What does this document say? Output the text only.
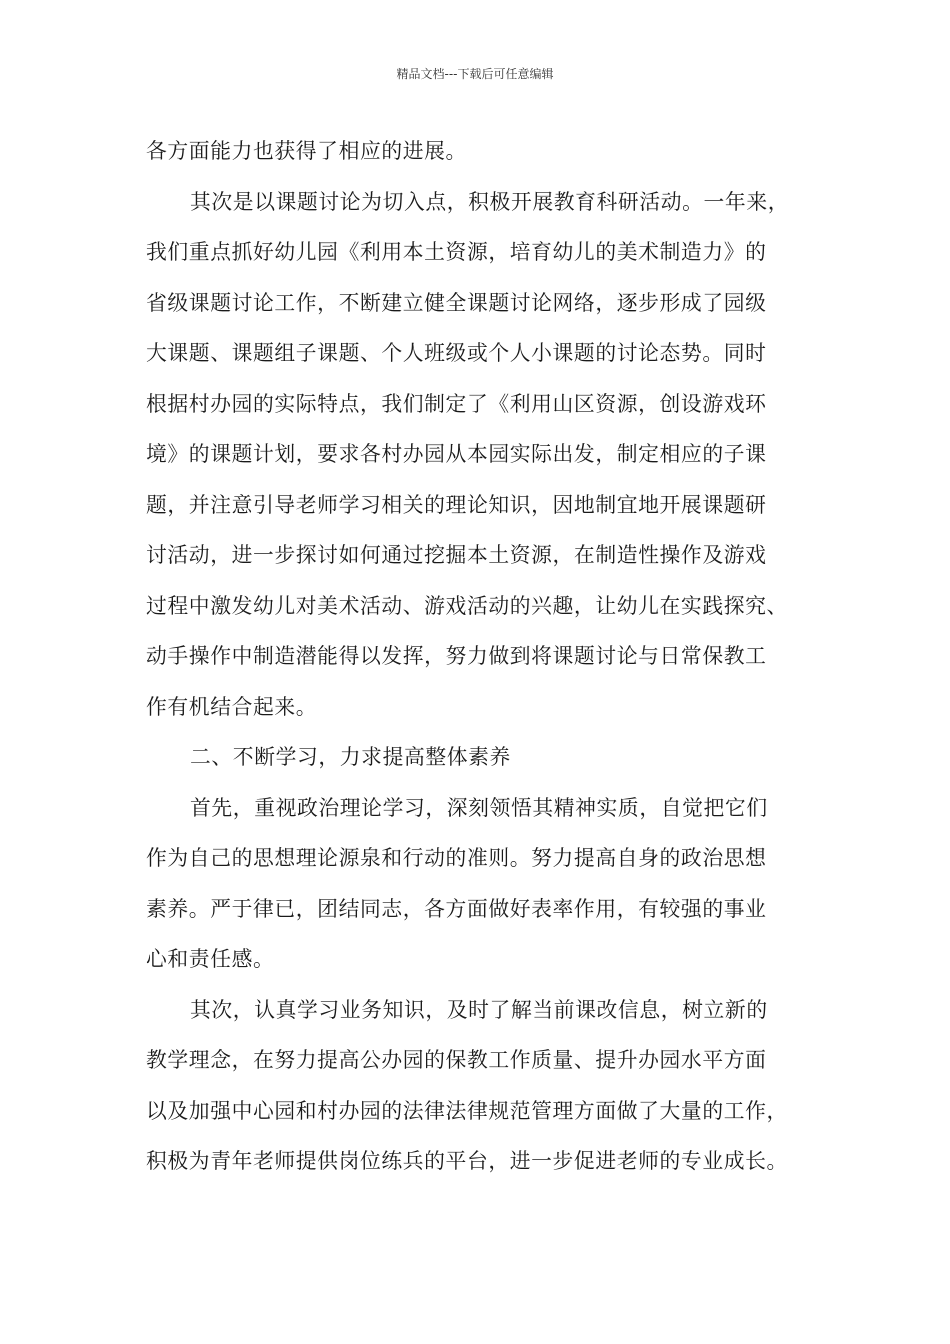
精品文档---下载后可任意编辑
各方面能力也获得了相应的进展。
其次是以课题讨论为切入点，积极开展教育科研活动。一年来，
我们重点抓好幼儿园《利用本土资源，培育幼儿的美术制造力》的
省级课题讨论工作，不断建立健全课题讨论网络，逐步形成了园级
大课题、课题组子课题、个人班级或个人小课题的讨论态势。同时
根据村办园的实际特点，我们制定了《利用山区资源，创设游戏环
境》的课题计划，要求各村办园从本园实际出发，制定相应的子课
题，并注意引导老师学习相关的理论知识，因地制宜地开展课题研
讨活动，进一步探讨如何通过挖掘本土资源，在制造性操作及游戏
过程中激发幼儿对美术活动、游戏活动的兴趣，让幼儿在实践探究、
动手操作中制造潜能得以发挥，努力做到将课题讨论与日常保教工
作有机结合起来。
二、不断学习，力求提高整体素养
首先，重视政治理论学习，深刻领悟其精神实质，自觉把它们
作为自己的思想理论源泉和行动的准则。努力提高自身的政治思想
素养。严于律已，团结同志，各方面做好表率作用，有较强的事业
心和责任感。
其次，认真学习业务知识，及时了解当前课改信息，树立新的
教学理念，在努力提高公办园的保教工作质量、提升办园水平方面
以及加强中心园和村办园的法律法律规范管理方面做了大量的工作，
积极为青年老师提供岗位练兵的平台，进一步促进老师的专业成长。
